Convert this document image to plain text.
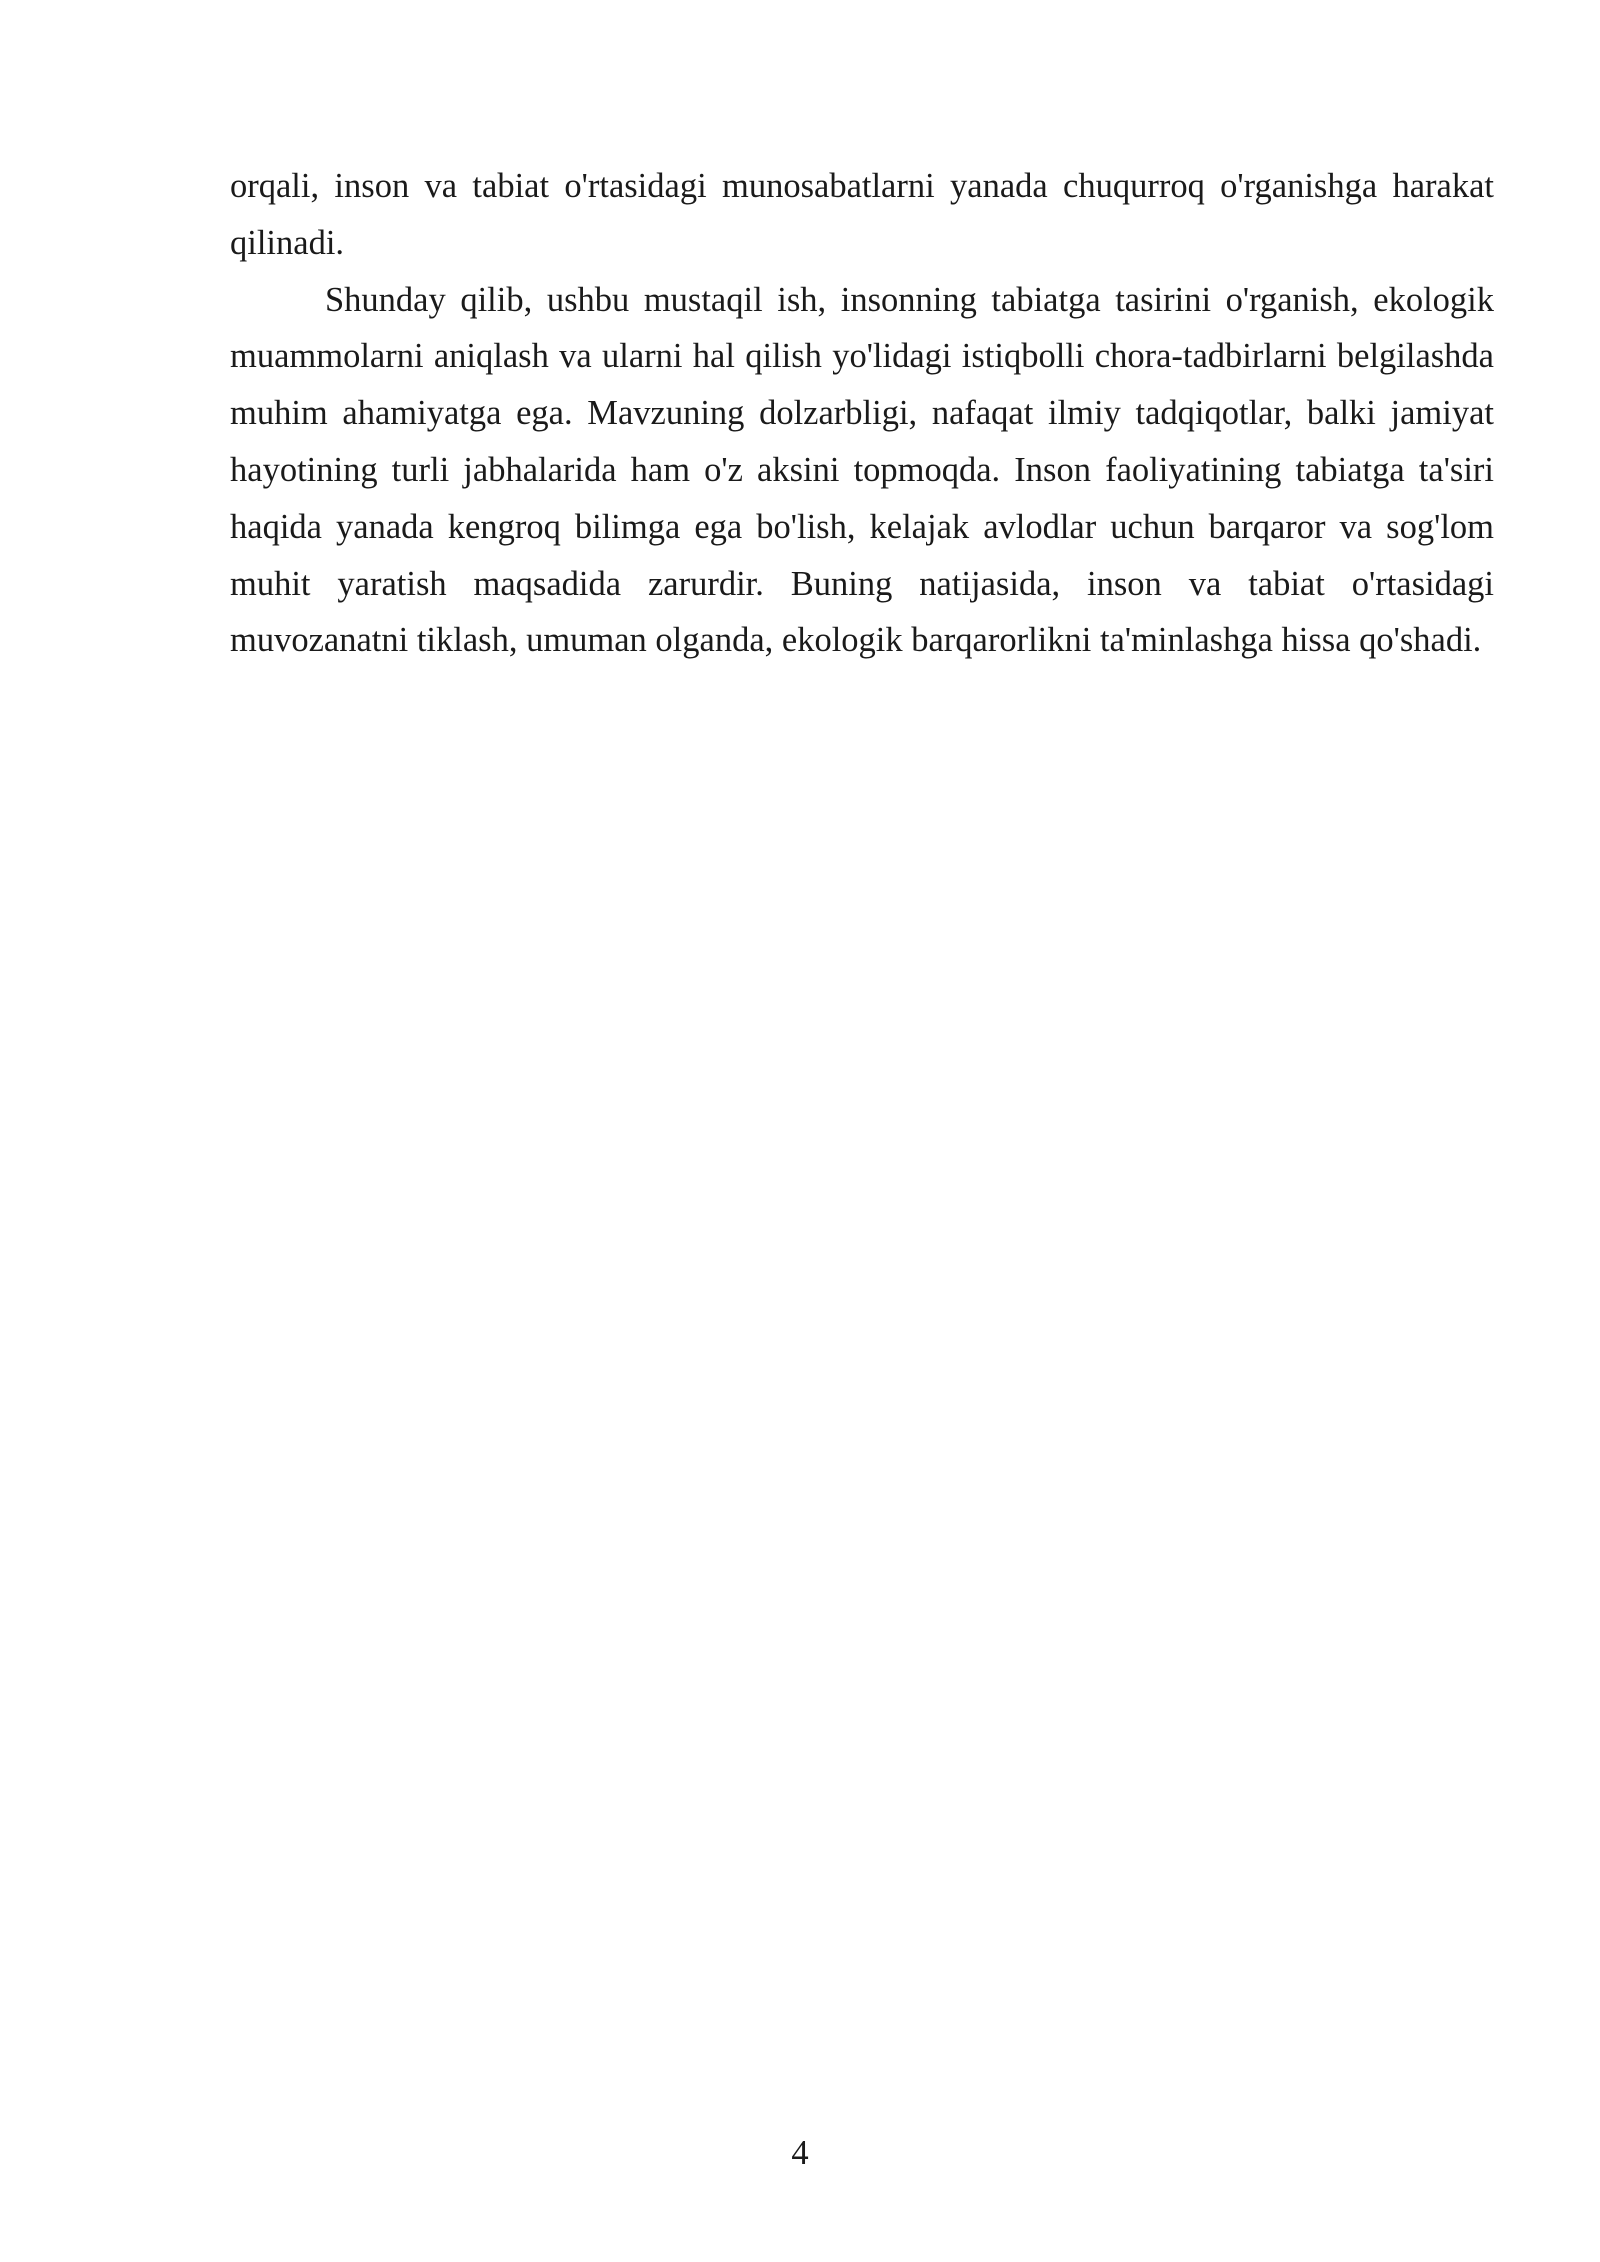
orqali, inson va tabiat o'rtasidagi munosabatlarni yanada chuqurroq o'rganishga harakat qilinadi.

Shunday qilib, ushbu mustaqil ish, insonning tabiatga tasirini o'rganish, ekologik muammolarni aniqlash va ularni hal qilish yo'lidagi istiqbolli chora-tadbirlarni belgilashda muhim ahamiyatga ega. Mavzuning dolzarbligi, nafaqat ilmiy tadqiqotlar, balki jamiyat hayotining turli jabhalarida ham o'z aksini topmoqda. Inson faoliyatining tabiatga ta'siri haqida yanada kengroq bilimga ega bo'lish, kelajak avlodlar uchun barqaror va sog'lom muhit yaratish maqsadida zarurdir. Buning natijasida, inson va tabiat o'rtasidagi muvozanatni tiklash, umuman olganda, ekologik barqarorlikni ta'minlashga hissa qo'shadi.

4
